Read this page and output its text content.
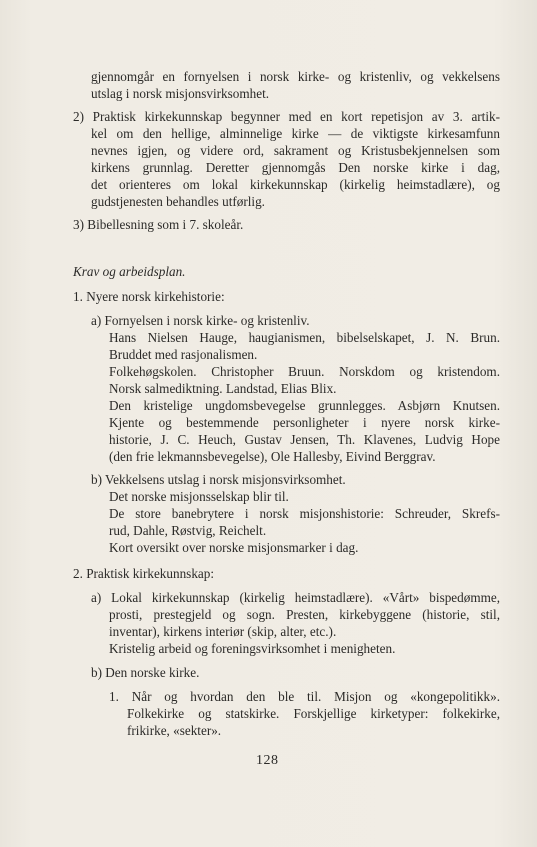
gjennomgår en fornyelsen i norsk kirke- og kristenliv, og vekkelsens
utslag i norsk misjonsvirksomhet.
2) Praktisk kirkekunnskap begynner med en kort repetisjon av 3. artik-
kel om den hellige, alminnelige kirke — de viktigste kirkesamfunn
nevnes igjen, og videre ord, sakrament og Kristusbekjennelsen som
kirkens grunnlag. Deretter gjennomgås Den norske kirke i dag,
det orienteres om lokal kirkekunnskap (kirkelig heimstadlære), og
gudstjenesten behandles utførlig.
3) Bibellesning som i 7. skoleår.
Krav og arbeidsplan.
1. Nyere norsk kirkehistorie:
a) Fornyelsen i norsk kirke- og kristenliv.
Hans Nielsen Hauge, haugianismen, bibelselskapet, J. N. Brun.
Bruddet med rasjonalismen.
Folkehøgskolen. Christopher Bruun. Norskdom og kristendom.
Norsk salmediktning. Landstad, Elias Blix.
Den kristelige ungdomsbevegelse grunnlegges. Asbjørn Knutsen.
Kjente og bestemmende personligheter i nyere norsk kirke-
historie, J. C. Heuch, Gustav Jensen, Th. Klavenes, Ludvig Hope
(den frie lekmannsbevegelse), Ole Hallesby, Eivind Berggrav.
b) Vekkelsens utslag i norsk misjonsvirksomhet.
Det norske misjonsselskap blir til.
De store banebrytere i norsk misjonshistorie: Schreuder, Skrefs-
rud, Dahle, Røstvig, Reichelt.
Kort oversikt over norske misjonsmarker i dag.
2. Praktisk kirkekunnskap:
a) Lokal kirkekunnskap (kirkelig heimstadlære). «Vårt» bispedømme,
prosti, prestegjeld og sogn. Presten, kirkebyggene (historie, stil,
inventar), kirkens interiør (skip, alter, etc.).
Kristelig arbeid og foreningsvirksomhet i menigheten.
b) Den norske kirke.
1. Når og hvordan den ble til. Misjon og «kongepolitikk».
Folkekirke og statskirke. Forskjellige kirketyper: folkekirke,
frikirke, «sekter».
128
